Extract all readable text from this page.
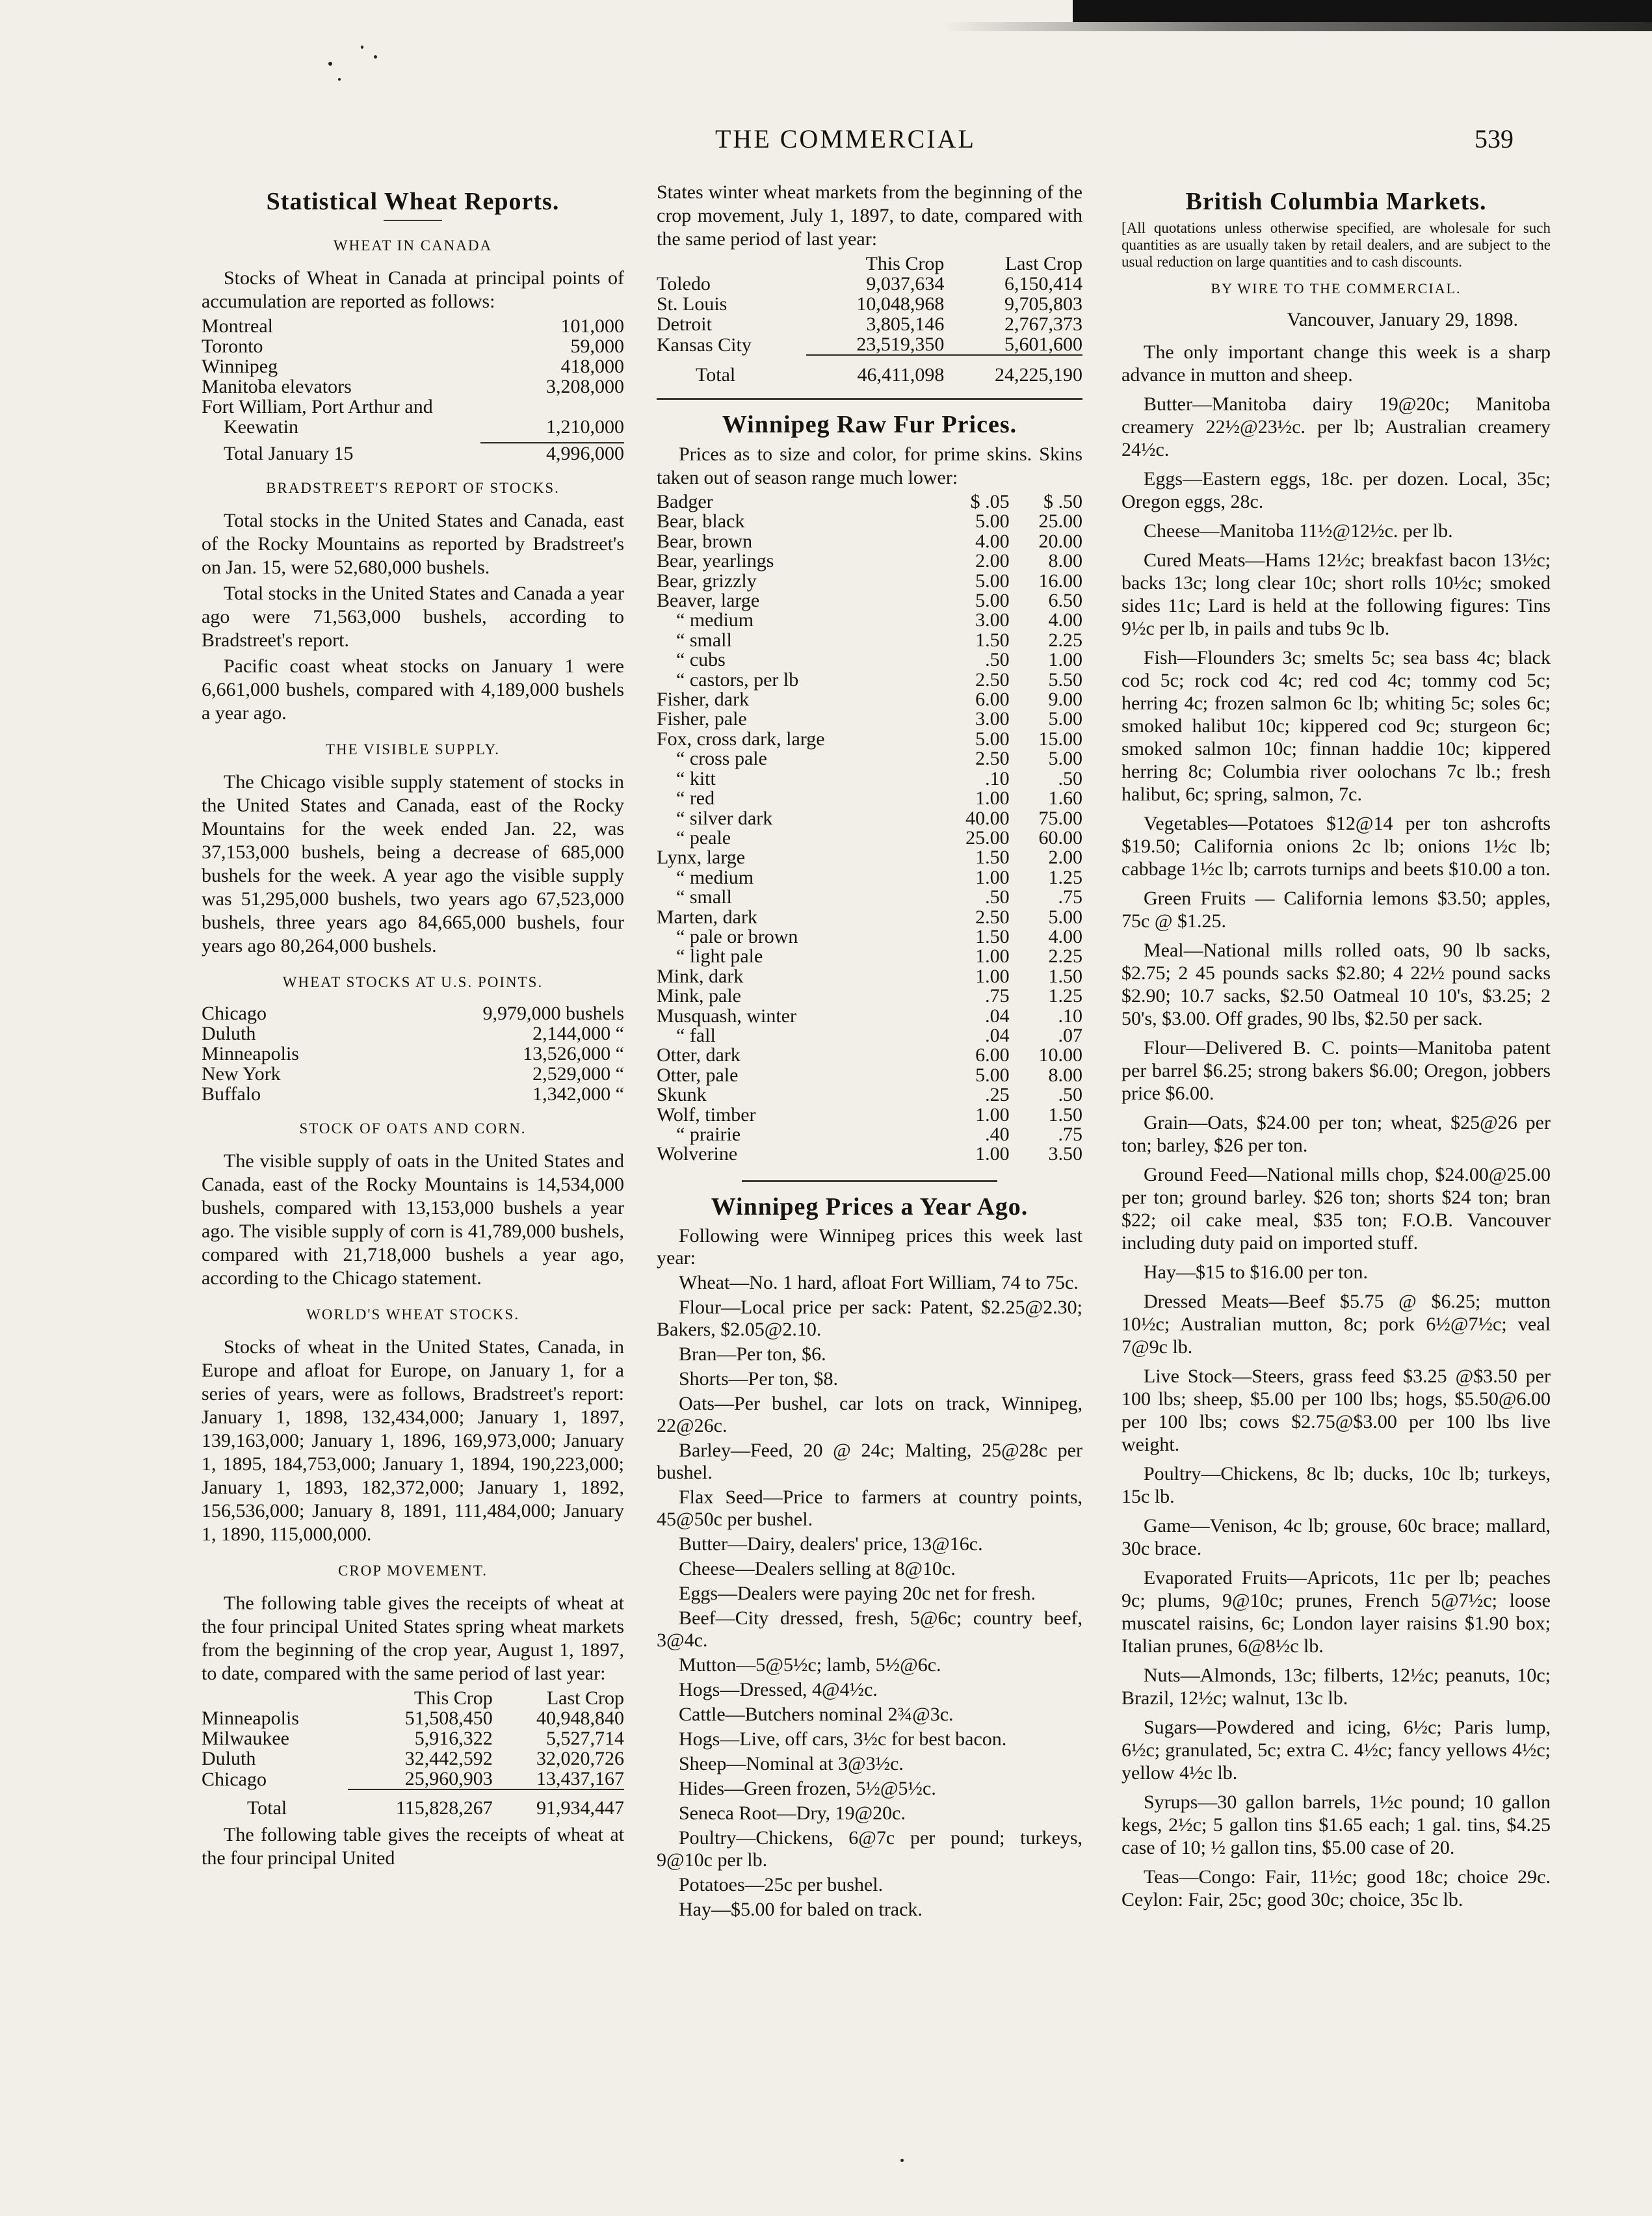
THE COMMERCIAL	539
Statistical Wheat Reports.
WHEAT IN CANADA

Stocks of Wheat in Canada at principal points of accumulation are reported as follows:

Montreal	101,000
Toronto	59,000
Winnipeg	418,000
Manitoba elevators	3,208,000
Fort William, Port Arthur and	
Keewatin	1,210,000
Total January 15	4,996,000
BRADSTREET'S REPORT OF STOCKS.

Total stocks in the United States and Canada, east of the Rocky Mountains as reported by Bradstreet's on Jan. 15, were 52,680,000 bushels.

Total stocks in the United States and Canada a year ago were 71,563,000 bushels, according to Bradstreet's report.

Pacific coast wheat stocks on January 1 were 6,661,000 bushels, compared with 4,189,000 bushels a year ago.

THE VISIBLE SUPPLY.

The Chicago visible supply statement of stocks in the United States and Canada, east of the Rocky Mountains for the week ended Jan. 22, was 37,153,000 bushels, being a decrease of 685,000 bushels for the week. A year ago the visible supply was 51,295,000 bushels, two years ago 67,523,000 bushels, three years ago 84,665,000 bushels, four years ago 80,264,000 bushels.

WHEAT STOCKS AT U.S. POINTS.
Chicago	9,979,000 bushels
Duluth	2,144,000 “
Minneapolis	13,526,000 “
New York	2,529,000 “
Buffalo	1,342,000 “
STOCK OF OATS AND CORN.

The visible supply of oats in the United States and Canada, east of the Rocky Mountains is 14,534,000 bushels, compared with 13,153,000 bushels a year ago. The visible supply of corn is 41,789,000 bushels, compared with 21,718,000 bushels a year ago, according to the Chicago statement.

WORLD'S WHEAT STOCKS.

Stocks of wheat in the United States, Canada, in Europe and afloat for Europe, on January 1, for a series of years, were as follows, Bradstreet's report: January 1, 1898, 132,434,000; January 1, 1897, 139,163,000; January 1, 1896, 169,973,000; January 1, 1895, 184,753,000; January 1, 1894, 190,223,000; January 1, 1893, 182,372,000; January 1, 1892, 156,536,000; January 8, 1891, 111,484,000; January 1, 1890, 115,000,000.

CROP MOVEMENT.

The following table gives the receipts of wheat at the four principal United States spring wheat markets from the beginning of the crop year, August 1, 1897, to date, compared with the same period of last year:

	This Crop	Last Crop
Minneapolis	51,508,450	40,948,840
Milwaukee	5,916,322	5,527,714
Duluth	32,442,592	32,020,726
Chicago	25,960,903	13,437,167
Total	115,828,267	91,934,447

The following table gives the receipts of wheat at the four principal United

States winter wheat markets from the beginning of the crop movement, July 1, 1897, to date, compared with the same period of last year:

	This Crop	Last Crop
Toledo	9,037,634	6,150,414
St. Louis	10,048,968	9,705,803
Detroit	3,805,146	2,767,373
Kansas City	23,519,350	5,601,600
Total	46,411,098	24,225,190
Winnipeg Raw Fur Prices.

Prices as to size and color, for prime skins. Skins taken out of season range much lower:

Badger	$ .05	$ .50
Bear, black	5.00	25.00
Bear, brown	4.00	20.00
Bear, yearlings	2.00	8.00
Bear, grizzly	5.00	16.00
Beaver, large	5.00	6.50
“ medium	3.00	4.00
“ small	1.50	2.25
“ cubs	.50	1.00
“ castors, per lb	2.50	5.50
Fisher, dark	6.00	9.00
Fisher, pale	3.00	5.00
Fox, cross dark, large	5.00	15.00
“ cross pale	2.50	5.00
“ kitt	.10	.50
“ red	1.00	1.60
“ silver dark	40.00	75.00
“ peale	25.00	60.00
Lynx, large	1.50	2.00
“ medium	1.00	1.25
“ small	.50	.75
Marten, dark	2.50	5.00
“ pale or brown	1.50	4.00
“ light pale	1.00	2.25
Mink, dark	1.00	1.50
Mink, pale	.75	1.25
Musquash, winter	.04	.10
“ fall	.04	.07
Otter, dark	6.00	10.00
Otter, pale	5.00	8.00
Skunk	.25	.50
Wolf, timber	1.00	1.50
“ prairie	.40	.75
Wolverine	1.00	3.50
Winnipeg Prices a Year Ago.

Following were Winnipeg prices this week last year:

Wheat—No. 1 hard, afloat Fort William, 74 to 75c.

Flour—Local price per sack: Patent, $2.25@2.30; Bakers, $2.05@2.10.

Bran—Per ton, $6.

Shorts—Per ton, $8.

Oats—Per bushel, car lots on track, Winnipeg, 22@26c.

Barley—Feed, 20 @ 24c; Malting, 25@28c per bushel.

Flax Seed—Price to farmers at country points, 45@50c per bushel.

Butter—Dairy, dealers' price, 13@16c.

Cheese—Dealers selling at 8@10c.

Eggs—Dealers were paying 20c net for fresh.

Beef—City dressed, fresh, 5@6c; country beef, 3@4c.

Mutton—5@5½c; lamb, 5½@6c.

Hogs—Dressed, 4@4½c.

Cattle—Butchers nominal 2¾@3c.

Hogs—Live, off cars, 3½c for best bacon.

Sheep—Nominal at 3@3½c.

Hides—Green frozen, 5½@5½c.

Seneca Root—Dry, 19@20c.

Poultry—Chickens, 6@7c per pound; turkeys, 9@10c per lb.

Potatoes—25c per bushel.

Hay—$5.00 for baled on track.

British Columbia Markets.

[All quotations unless otherwise specified, are wholesale for such quantities as are usually taken by retail dealers, and are subject to the usual reduction on large quantities and to cash discounts.

BY WIRE TO THE COMMERCIAL.

Vancouver, January 29, 1898.

The only important change this week is a sharp advance in mutton and sheep.

Butter—Manitoba dairy 19@20c; Manitoba creamery 22½@23½c. per lb; Australian creamery 24½c.

Eggs—Eastern eggs, 18c. per dozen. Local, 35c; Oregon eggs, 28c.

Cheese—Manitoba 11½@12½c. per lb.

Cured Meats—Hams 12½c; breakfast bacon 13½c; backs 13c; long clear 10c; short rolls 10½c; smoked sides 11c; Lard is held at the following figures: Tins 9½c per lb, in pails and tubs 9c lb.

Fish—Flounders 3c; smelts 5c; sea bass 4c; black cod 5c; rock cod 4c; red cod 4c; tommy cod 5c; herring 4c; frozen salmon 6c lb; whiting 5c; soles 6c; smoked halibut 10c; kippered cod 9c; sturgeon 6c; smoked salmon 10c; finnan haddie 10c; kippered herring 8c; Columbia river oolochans 7c lb.; fresh halibut, 6c; spring, salmon, 7c.

Vegetables—Potatoes $12@14 per ton ashcrofts $19.50; California onions 2c lb; onions 1½c lb; cabbage 1½c lb; carrots turnips and beets $10.00 a ton.

Green Fruits — California lemons $3.50; apples, 75c @ $1.25.

Meal—National mills rolled oats, 90 lb sacks, $2.75; 2 45 pounds sacks $2.80; 4 22½ pound sacks $2.90; 10.7 sacks, $2.50 Oatmeal 10 10's, $3.25; 2 50's, $3.00. Off grades, 90 lbs, $2.50 per sack.

Flour—Delivered B. C. points—Manitoba patent per barrel $6.25; strong bakers $6.00; Oregon, jobbers price $6.00.

Grain—Oats, $24.00 per ton; wheat, $25@26 per ton; barley, $26 per ton.

Ground Feed—National mills chop, $24.00@25.00 per ton; ground barley. $26 ton; shorts $24 ton; bran $22; oil cake meal, $35 ton; F.O.B. Vancouver including duty paid on imported stuff.

Hay—$15 to $16.00 per ton.

Dressed Meats—Beef $5.75 @ $6.25; mutton 10½c; Australian mutton, 8c; pork 6½@7½c; veal 7@9c lb.

Live Stock—Steers, grass feed $3.25 @$3.50 per 100 lbs; sheep, $5.00 per 100 lbs; hogs, $5.50@6.00 per 100 lbs; cows $2.75@$3.00 per 100 lbs live weight.

Poultry—Chickens, 8c lb; ducks, 10c lb; turkeys, 15c lb.

Game—Venison, 4c lb; grouse, 60c brace; mallard, 30c brace.

Evaporated Fruits—Apricots, 11c per lb; peaches 9c; plums, 9@10c; prunes, French 5@7½c; loose muscatel raisins, 6c; London layer raisins $1.90 box; Italian prunes, 6@8½c lb.

Nuts—Almonds, 13c; filberts, 12½c; peanuts, 10c; Brazil, 12½c; walnut, 13c lb.

Sugars—Powdered and icing, 6½c; Paris lump, 6½c; granulated, 5c; extra C. 4½c; fancy yellows 4½c; yellow 4½c lb.

Syrups—30 gallon barrels, 1½c pound; 10 gallon kegs, 2½c; 5 gallon tins $1.65 each; 1 gal. tins, $4.25 case of 10; ½ gallon tins, $5.00 case of 20.

Teas—Congo: Fair, 11½c; good 18c; choice 29c. Ceylon: Fair, 25c; good 30c; choice, 35c lb.
